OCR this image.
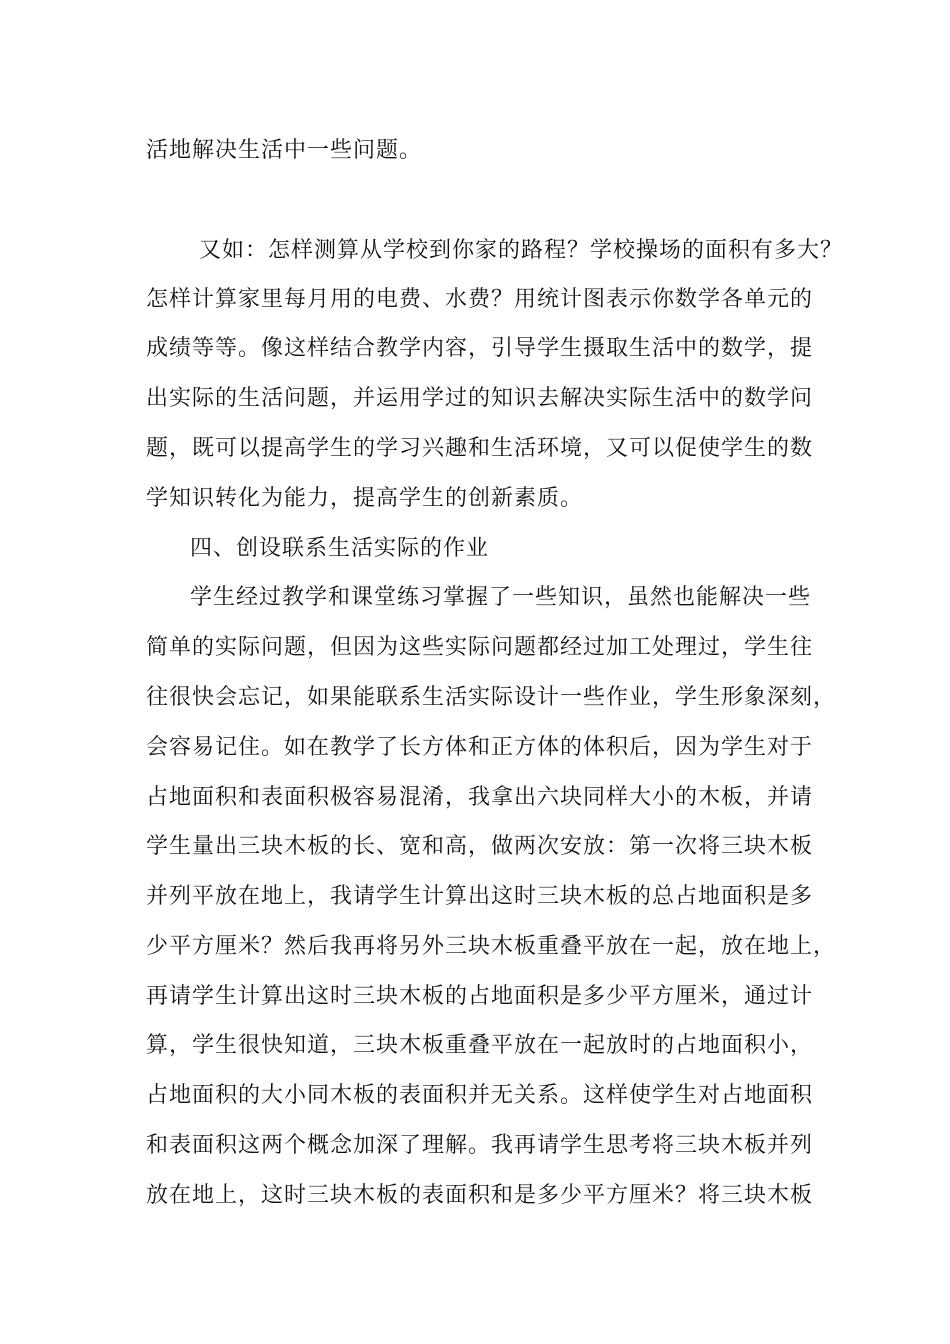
活地解决生活中一些问题。
又如：怎样测算从学校到你家的路程？学校操场的面积有多大？
怎样计算家里每月用的电费、水费？用统计图表示你数学各单元的
成绩等等。像这样结合教学内容，引导学生摄取生活中的数学，提
出实际的生活问题，并运用学过的知识去解决实际生活中的数学问
题，既可以提高学生的学习兴趣和生活环境，又可以促使学生的数
学知识转化为能力，提高学生的创新素质。
四、创设联系生活实际的作业
学生经过教学和课堂练习掌握了一些知识，虽然也能解决一些
简单的实际问题，但因为这些实际问题都经过加工处理过，学生往
往很快会忘记，如果能联系生活实际设计一些作业，学生形象深刻，
会容易记住。如在教学了长方体和正方体的体积后，因为学生对于
占地面积和表面积极容易混淆，我拿出六块同样大小的木板，并请
学生量出三块木板的长、宽和高，做两次安放：第一次将三块木板
并列平放在地上，我请学生计算出这时三块木板的总占地面积是多
少平方厘米？然后我再将另外三块木板重叠平放在一起，放在地上，
再请学生计算出这时三块木板的占地面积是多少平方厘米，通过计
算，学生很快知道，三块木板重叠平放在一起放时的占地面积小，
占地面积的大小同木板的表面积并无关系。这样使学生对占地面积
和表面积这两个概念加深了理解。我再请学生思考将三块木板并列
放在地上，这时三块木板的表面积和是多少平方厘米？将三块木板
